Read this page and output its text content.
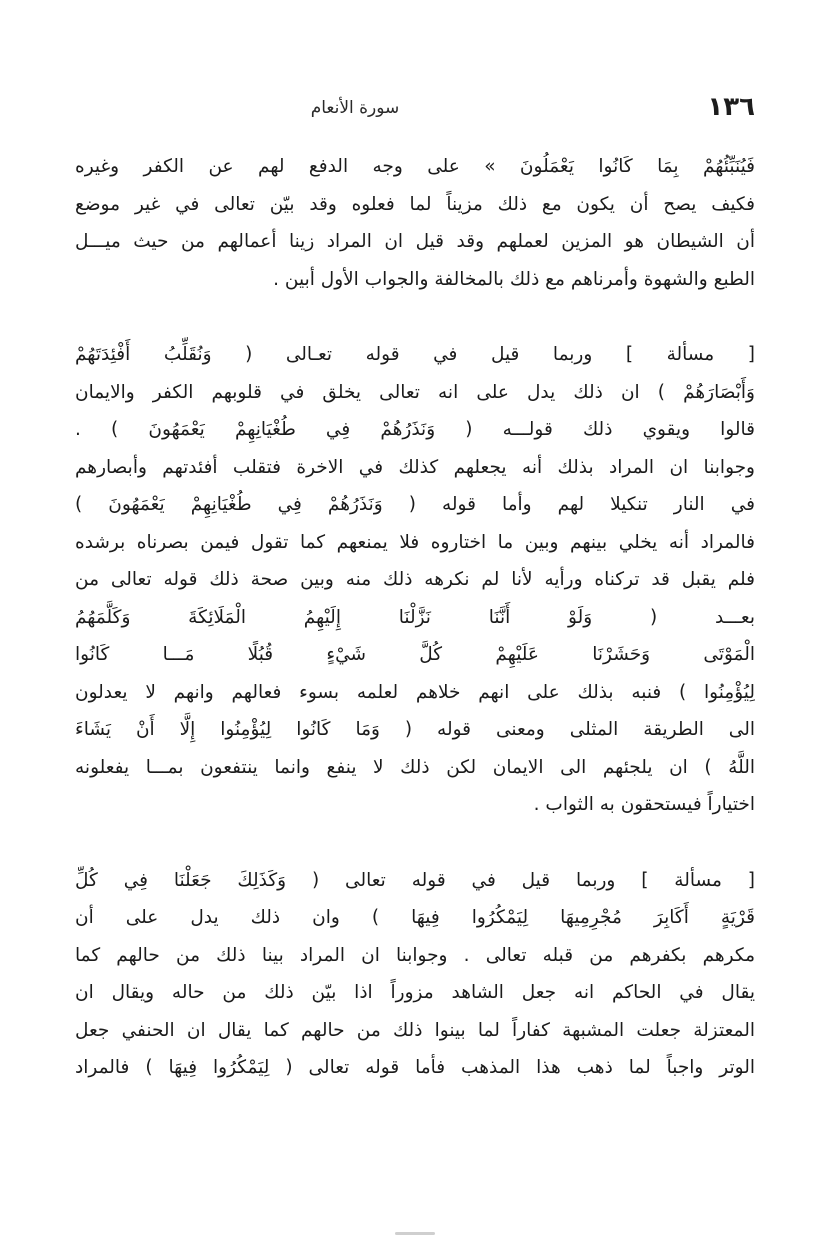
١٣٦
سورة الأنعام
فَيُنَبِّئُهُمْ بِمَا كَانُوا يَعْمَلُونَ » على وجه الدفع لهم عن الكفر وغيره
فكيف يصح أن يكون مع ذلك مزيناً لما فعلوه وقد بيّن تعالى في غير موضع
أن الشيطان هو المزين لعملهم وقد قيل ان المراد زينا أعمالهم من حيث ميـــل
الطبع والشهوة وأمرناهم مع ذلك بالمخالفة والجواب الأول أبين .
[ مسألة ] وربما قيل في قوله تعـالى ( وَنُقَلِّبُ أَفْئِدَتَهُمْ
وَأَبْصَارَهُمْ ) ان ذلك يدل على انه تعالى يخلق في قلوبهم الكفر والايمان
قالوا ويقوي ذلك قولـــه ( وَنَذَرُهُمْ فِي طُغْيَانِهِمْ يَعْمَهُونَ ) .
وجوابنا ان المراد بذلك أنه يجعلهم كذلك في الاخرة فتقلب أفئدتهم وأبصارهم
في النار تنكيلا لهم وأما قوله ( وَنَذَرُهُمْ فِي طُغْيَانِهِمْ يَعْمَهُونَ )
فالمراد أنه يخلي بينهم وبين ما اختاروه فلا يمنعهم كما تقول فيمن بصرناه برشده
فلم يقبل قد تركناه ورأيه لأنا لم نكرهه ذلك منه وبين صحة ذلك قوله تعالى من
بعـــد ( وَلَوْ أَنَّنَا نَزَّلْنَا إِلَيْهِمُ الْمَلَائِكَةَ وَكَلَّمَهُمُ
الْمَوْتَى وَحَشَرْنَا عَلَيْهِمْ كُلَّ شَيْءٍ قُبُلًا مَـــا كَانُوا
لِيُؤْمِنُوا ) فنبه بذلك على انهم خلاهم لعلمه بسوء فعالهم وانهم لا يعدلون
الى الطريقة المثلى ومعنى قوله ( وَمَا كَانُوا لِيُؤْمِنُوا إِلَّا أَنْ يَشَاءَ
اللَّهُ ) ان يلجئهم الى الايمان لكن ذلك لا ينفع وانما ينتفعون بمـــا يفعلونه
اختياراً فيستحقون به الثواب .
[ مسألة ] وربما قيل في قوله تعالى ( وَكَذَلِكَ جَعَلْنَا فِي كُلِّ
قَرْيَةٍ أَكَابِرَ مُجْرِمِيهَا لِيَمْكُرُوا فِيهَا ) وان ذلك يدل على أن
مكرهم بكفرهم من قبله تعالى . وجوابنا ان المراد بينا ذلك من حالهم كما
يقال في الحاكم انه جعل الشاهد مزوراً اذا بيّن ذلك من حاله ويقال ان
المعتزلة جعلت المشبهة كفاراً لما بينوا ذلك من حالهم كما يقال ان الحنفي جعل
الوتر واجباً لما ذهب هذا المذهب فأما قوله تعالى ( لِيَمْكُرُوا فِيهَا ) فالمراد
